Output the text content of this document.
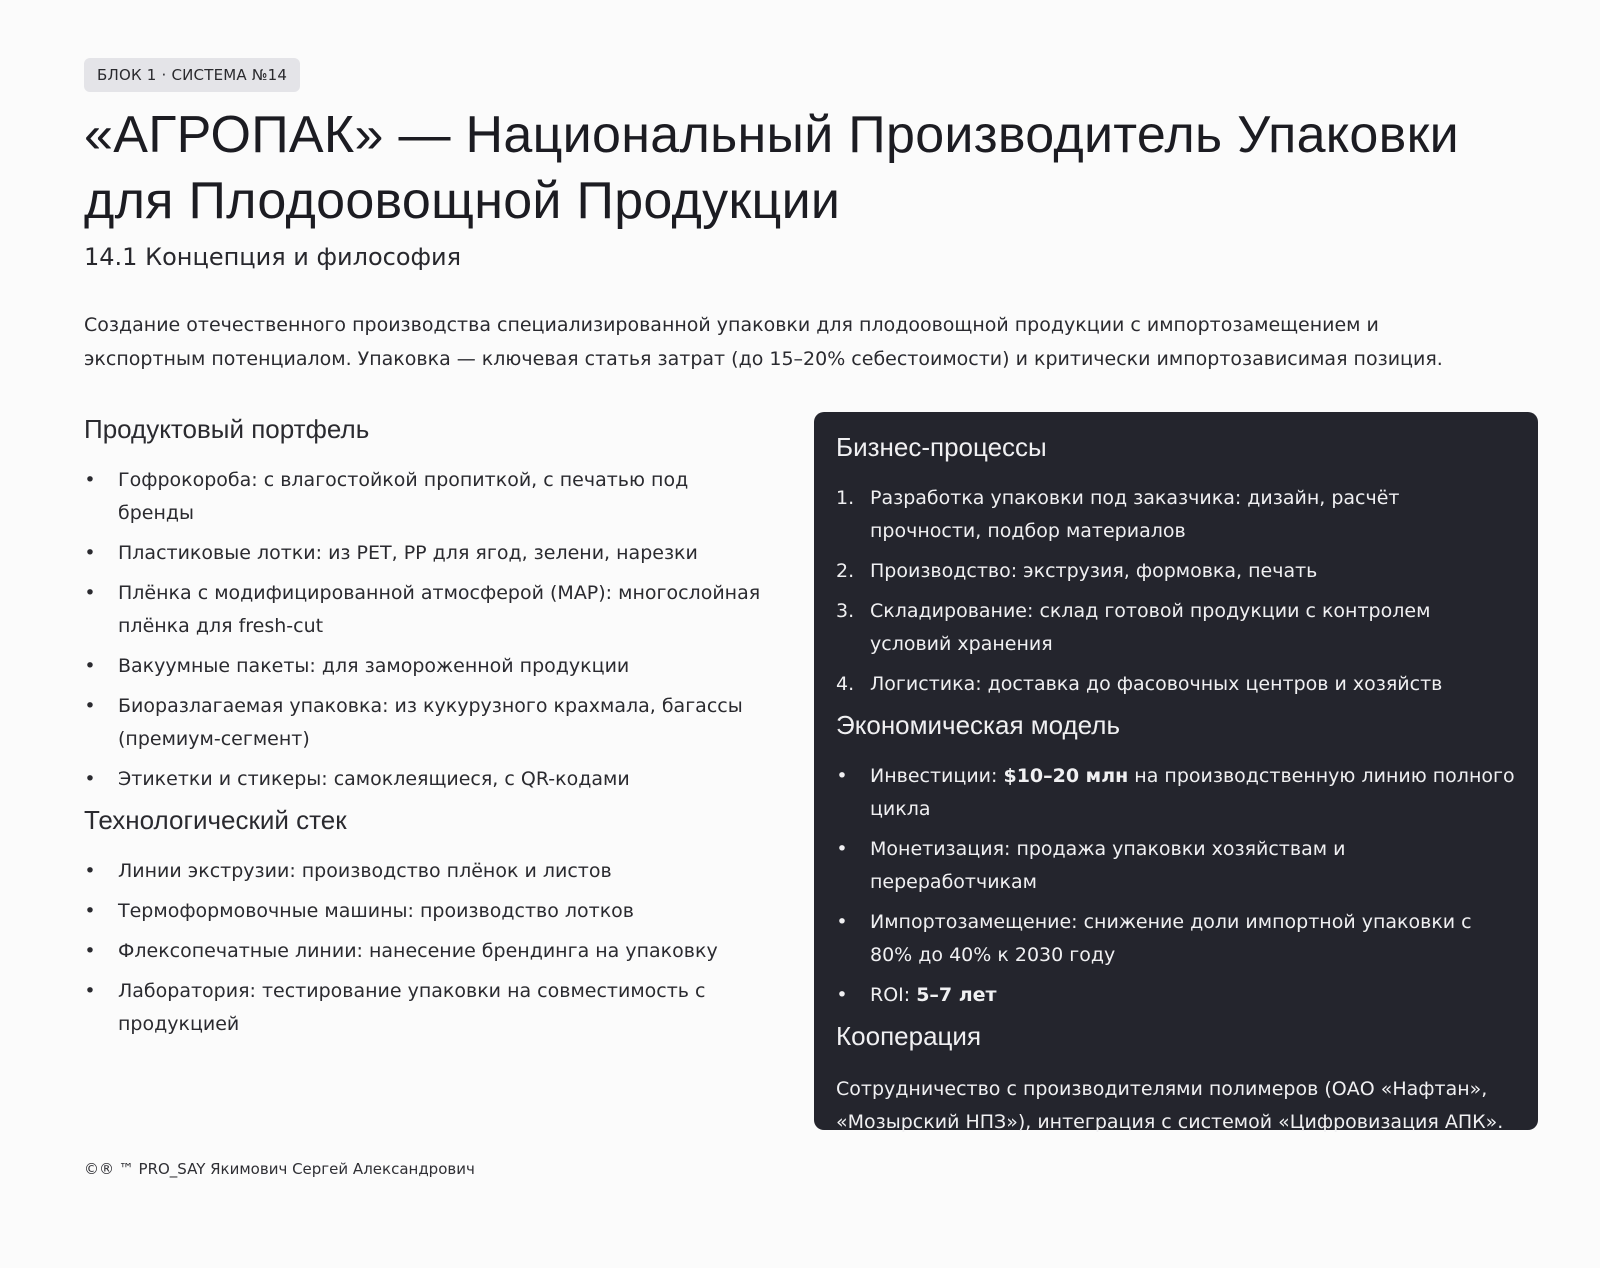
БЛОК 1 · СИСТЕМА №14
«АГРОПАК» — Национальный Производитель Упаковки
для Плодоовощной Продукции
14.1 Концепция и философия
Создание отечественного производства специализированной упаковки для плодоовощной продукции с импортозамещением и экспортным потенциалом. Упаковка — ключевая статья затрат (до 15–20% себестоимости) и критически импортозависимая позиция.
Продуктовый портфель
• Гофрокороба: с влагостойкой пропиткой, с печатью под бренды
• Пластиковые лотки: из PET, PP для ягод, зелени, нарезки
• Плёнка с модифицированной атмосферой (MAP): многослойная плёнка для fresh-cut
• Вакуумные пакеты: для замороженной продукции
• Биоразлагаемая упаковка: из кукурузного крахмала, багассы (премиум-сегмент)
• Этикетки и стикеры: самоклеящиеся, с QR-кодами
Технологический стек
• Линии экструзии: производство плёнок и листов
• Термоформовочные машины: производство лотков
• Флексопечатные линии: нанесение брендинга на упаковку
• Лаборатория: тестирование упаковки на совместимость с продукцией
Бизнес-процессы
1. Разработка упаковки под заказчика: дизайн, расчёт прочности, подбор материалов
2. Производство: экструзия, формовка, печать
3. Складирование: склад готовой продукции с контролем условий хранения
4. Логистика: доставка до фасовочных центров и хозяйств
Экономическая модель
• Инвестиции: $10–20 млн на производственную линию полного цикла
• Монетизация: продажа упаковки хозяйствам и переработчикам
• Импортозамещение: снижение доли импортной упаковки с 80% до 40% к 2030 году
• ROI: 5–7 лет
Кооперация
Сотрудничество с производителями полимеров (ОАО «Нафтан», «Мозырский НПЗ»), интеграция с системой «Цифровизация АПК».
©® ™ PRO_SAY Якимович Сергей Александрович
